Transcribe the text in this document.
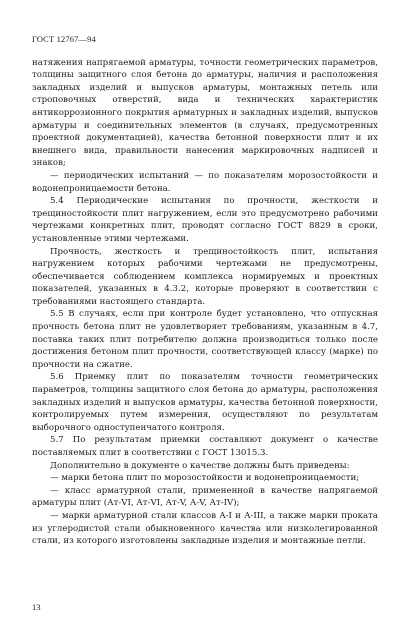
ГОСТ 12767—94

натяжения напрягаемой арматуры, точности геометрических параметров, толщины защитного слоя бетона до арматуры, наличия и расположения закладных изделий и выпусков арматуры, монтажных петель или строповочных отверстий, вида и технических характеристик антикоррозионного покрытия арматурных и закладных изделий, выпусков арматуры и соединительных элементов (в случаях, предусмотренных проектной документацией), качества бетонной поверхности плит и их внешнего вида, правильности нанесения маркировочных надписей и знаков;

— периодических испытаний — по показателям морозостойкости и водонепроницаемости бетона.

5.4 Периодические испытания по прочности, жесткости и трещиностойкости плит нагружением, если это предусмотрено рабочими чертежами конкретных плит, проводят согласно ГОСТ 8829 в сроки, установленные этими чертежами.

Прочность, жесткость и трещиностойкость плит, испытания нагружением которых рабочими чертежами не предусмотрены, обеспечивается соблюдением комплекса нормируемых и проектных показателей, указанных в 4.3.2, которые проверяют в соответствии с требованиями настоящего стандарта.

5.5 В случаях, если при контроле будет установлено, что отпускная прочность бетона плит не удовлетворяет требованиям, указанным в 4.7, поставка таких плит потребителю должна производиться только после достижения бетоном плит прочности, соответствующей классу (марке) по прочности на сжатие.

5.6 Приемку плит по показателям точности геометрических параметров, толщины защитного слоя бетона до арматуры, расположения закладных изделий и выпусков арматуры, качества бетонной поверхности, контролируемых путем измерения, осуществляют по результатам выборочного одноступенчатого контроля.

5.7 По результатам приемки составляют документ о качестве поставляемых плит в соответствии с ГОСТ 13015.3.

Дополнительно в документе о качестве должны быть приведены:

— марки бетона плит по морозостойкости и водонепроницаемости;

— класс арматурной стали, примененной в качестве напрягаемой арматуры плит (Ат-VI, Ат-VI, Ат-V, А-V, Ат-IV);

— марки арматурной стали классов A-I и A-III, а также марки проката из углеродистой стали обыкновенного качества или низколегированной стали, из которого изготовлены закладные изделия и монтажные петли.

13
